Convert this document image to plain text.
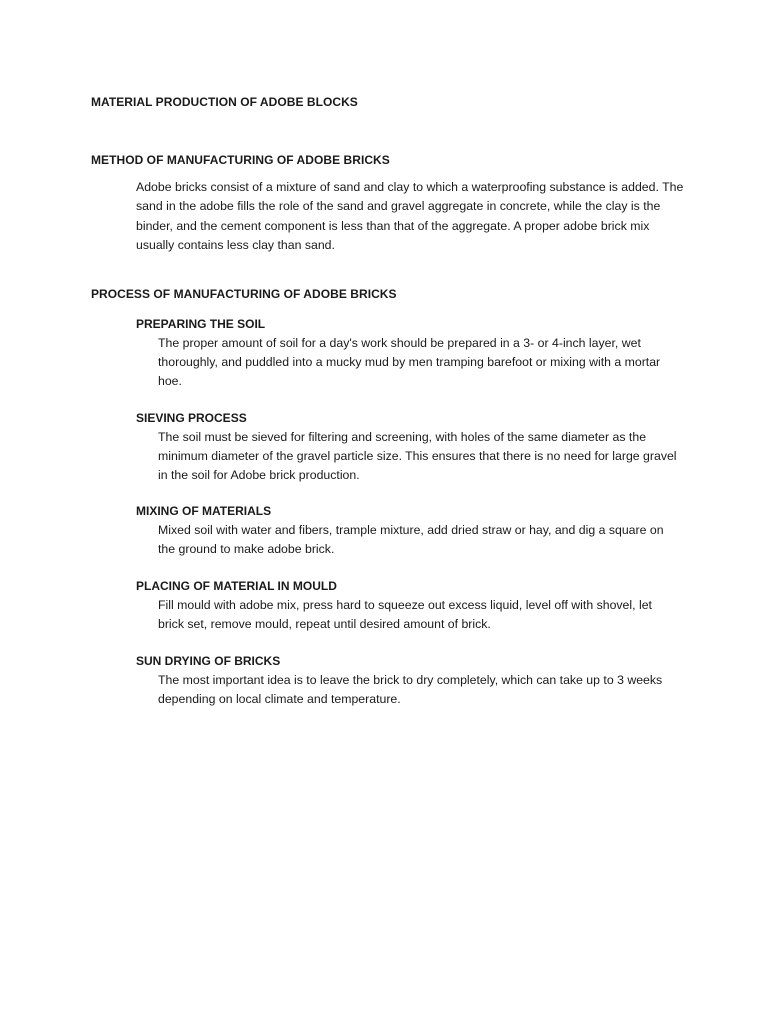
MATERIAL PRODUCTION OF ADOBE BLOCKS
METHOD OF MANUFACTURING OF ADOBE BRICKS

Adobe bricks consist of a mixture of sand and clay to which a waterproofing substance is added. The sand in the adobe fills the role of the sand and gravel aggregate in concrete, while the clay is the binder, and the cement component is less than that of the aggregate. A proper adobe brick mix usually contains less clay than sand.

PROCESS OF MANUFACTURING OF ADOBE BRICKS
PREPARING THE SOIL

The proper amount of soil for a day's work should be prepared in a 3- or 4-inch layer, wet thoroughly, and puddled into a mucky mud by men tramping barefoot or mixing with a mortar hoe.

SIEVING PROCESS

The soil must be sieved for filtering and screening, with holes of the same diameter as the minimum diameter of the gravel particle size. This ensures that there is no need for large gravel in the soil for Adobe brick production.

MIXING OF MATERIALS

Mixed soil with water and fibers, trample mixture, add dried straw or hay, and dig a square on the ground to make adobe brick.

PLACING OF MATERIAL IN MOULD

Fill mould with adobe mix, press hard to squeeze out excess liquid, level off with shovel, let brick set, remove mould, repeat until desired amount of brick.

SUN DRYING OF BRICKS

The most important idea is to leave the brick to dry completely, which can take up to 3 weeks depending on local climate and temperature.
